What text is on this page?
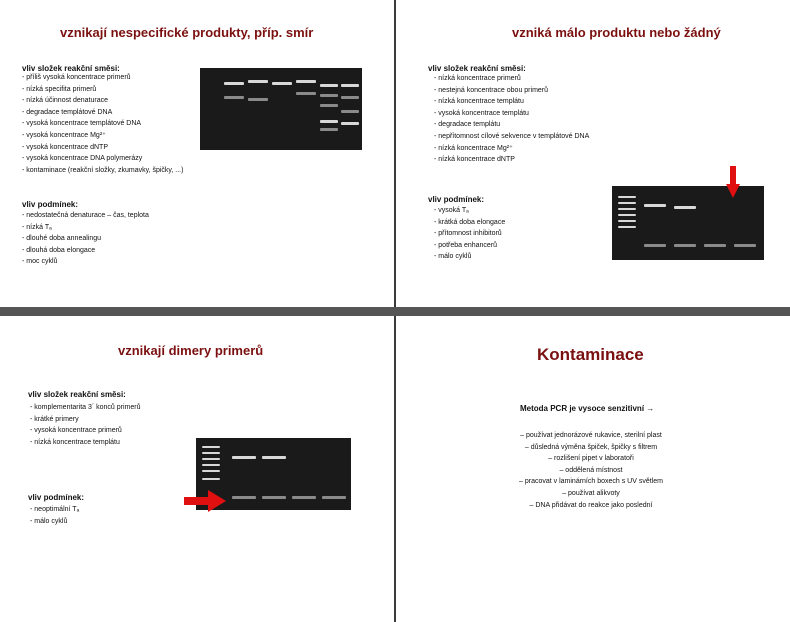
vznikají nespecifické produkty, příp. smír
vliv složek reakční směsi:
- příliš vysoká koncentrace primerů
- nízká specifita primerů
- nízká účinnost denaturace
- degradace templátové DNA
- vysoká koncentrace templátové DNA
- vysoká koncentrace Mg²⁺
- vysoká koncentrace dNTP
- vysoká koncentrace DNA polymerázy
- kontaminace (reakční složky, zkumavky, špičky, ...)
vliv podmínek:
- nedostatečná denaturace – čas, teplota
- nízká Tₐ
- dlouhé doba annealingu
- dlouhá doba elongace
- moc cyklů
vzniká málo produktu nebo žádný
vliv složek reakční směsi:
- nízká koncentrace primerů
- nestejná koncentrace obou primerů
- nízká koncentrace templátu
- vysoká koncentrace templátu
- degradace templátu
- nepřítomnost cílové sekvence v templátové DNA
- nízká koncentrace Mg²⁺
- nízká koncentrace dNTP
vliv podmínek:
- vysoká Tₐ
- krátká doba elongace
- přítomnost inhibitorů
- potřeba enhancerů
- málo cyklů
vznikají dimery primerů
vliv složek reakční směsi:
- komplementarita 3´ konců primerů
- krátké primery
- vysoká koncentrace primerů
- nízká koncentrace templátu
vliv podmínek:
- neoptimální Tₐ
- málo cyklů
Kontaminace
Metoda PCR je vysoce senzitivní →
– používat jednorázové rukavice, sterilní plast
– důsledná výměna špiček, špičky s filtrem
– rozlišení pipet v laboratoři
– oddělená místnost
– pracovat v laminárních boxech s UV světlem
– používat alikvoty
– DNA přidávat do reakce jako poslední
